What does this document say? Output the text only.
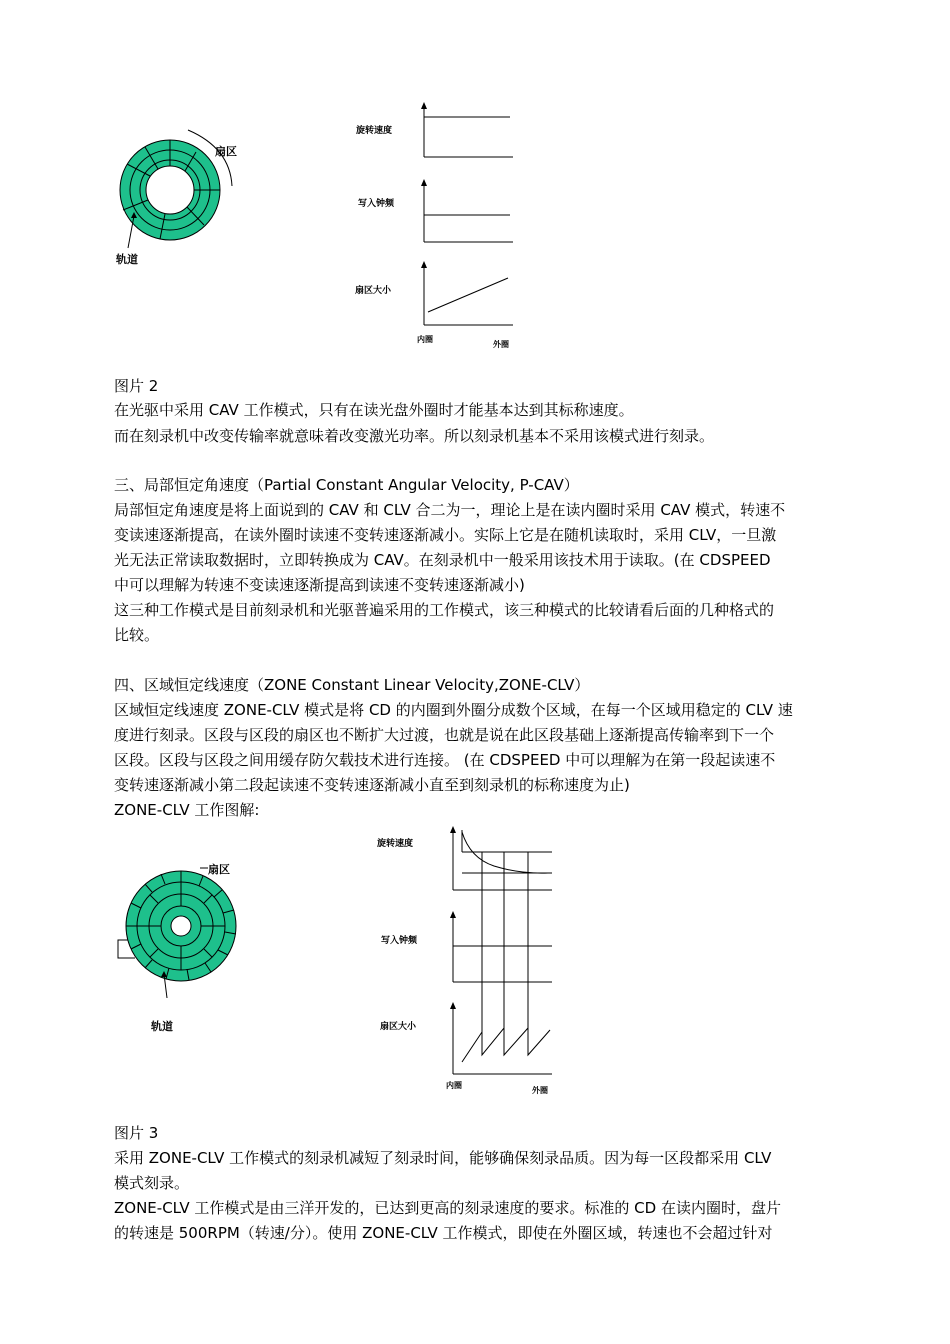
扇区
轨道
旋转速度
写入钟频
扇区大小
内圈
外圈
图片 2
在光驱中采用 CAV 工作模式，只有在读光盘外圈时才能基本达到其标称速度。
而在刻录机中改变传输率就意味着改变激光功率。所以刻录机基本不采用该模式进行刻录。
三、局部恒定角速度（Partial Constant Angular Velocity, P-CAV）
局部恒定角速度是将上面说到的 CAV 和 CLV 合二为一，理论上是在读内圈时采用 CAV 模式，转速不
变读速逐渐提高，在读外圈时读速不变转速逐渐减小。实际上它是在随机读取时，采用 CLV，一旦激
光无法正常读取数据时，立即转换成为 CAV。在刻录机中一般采用该技术用于读取。(在 CDSPEED
中可以理解为转速不变读速逐渐提高到读速不变转速逐渐减小)
这三种工作模式是目前刻录机和光驱普遍采用的工作模式，该三种模式的比较请看后面的几种格式的
比较。
四、区域恒定线速度（ZONE Constant Linear Velocity,ZONE-CLV）
区域恒定线速度 ZONE-CLV 模式是将 CD 的内圈到外圈分成数个区域，在每一个区域用稳定的 CLV 速
度进行刻录。区段与区段的扇区也不断扩大过渡，也就是说在此区段基础上逐渐提高传输率到下一个
区段。区段与区段之间用缓存防欠载技术进行连接。 (在 CDSPEED 中可以理解为在第一段起读速不
变转速逐渐减小第二段起读速不变转速逐渐减小直至到刻录机的标称速度为止)
ZONE-CLV 工作图解:
扇区
轨道
旋转速度
写入钟频
扇区大小
内圈
外圈
图片 3
采用 ZONE-CLV 工作模式的刻录机减短了刻录时间，能够确保刻录品质。因为每一区段都采用 CLV
模式刻录。
ZONE-CLV 工作模式是由三洋开发的，已达到更高的刻录速度的要求。标准的 CD 在读内圈时，盘片
的转速是 500RPM（转速/分）。使用 ZONE-CLV 工作模式，即使在外圈区域，转速也不会超过针对
